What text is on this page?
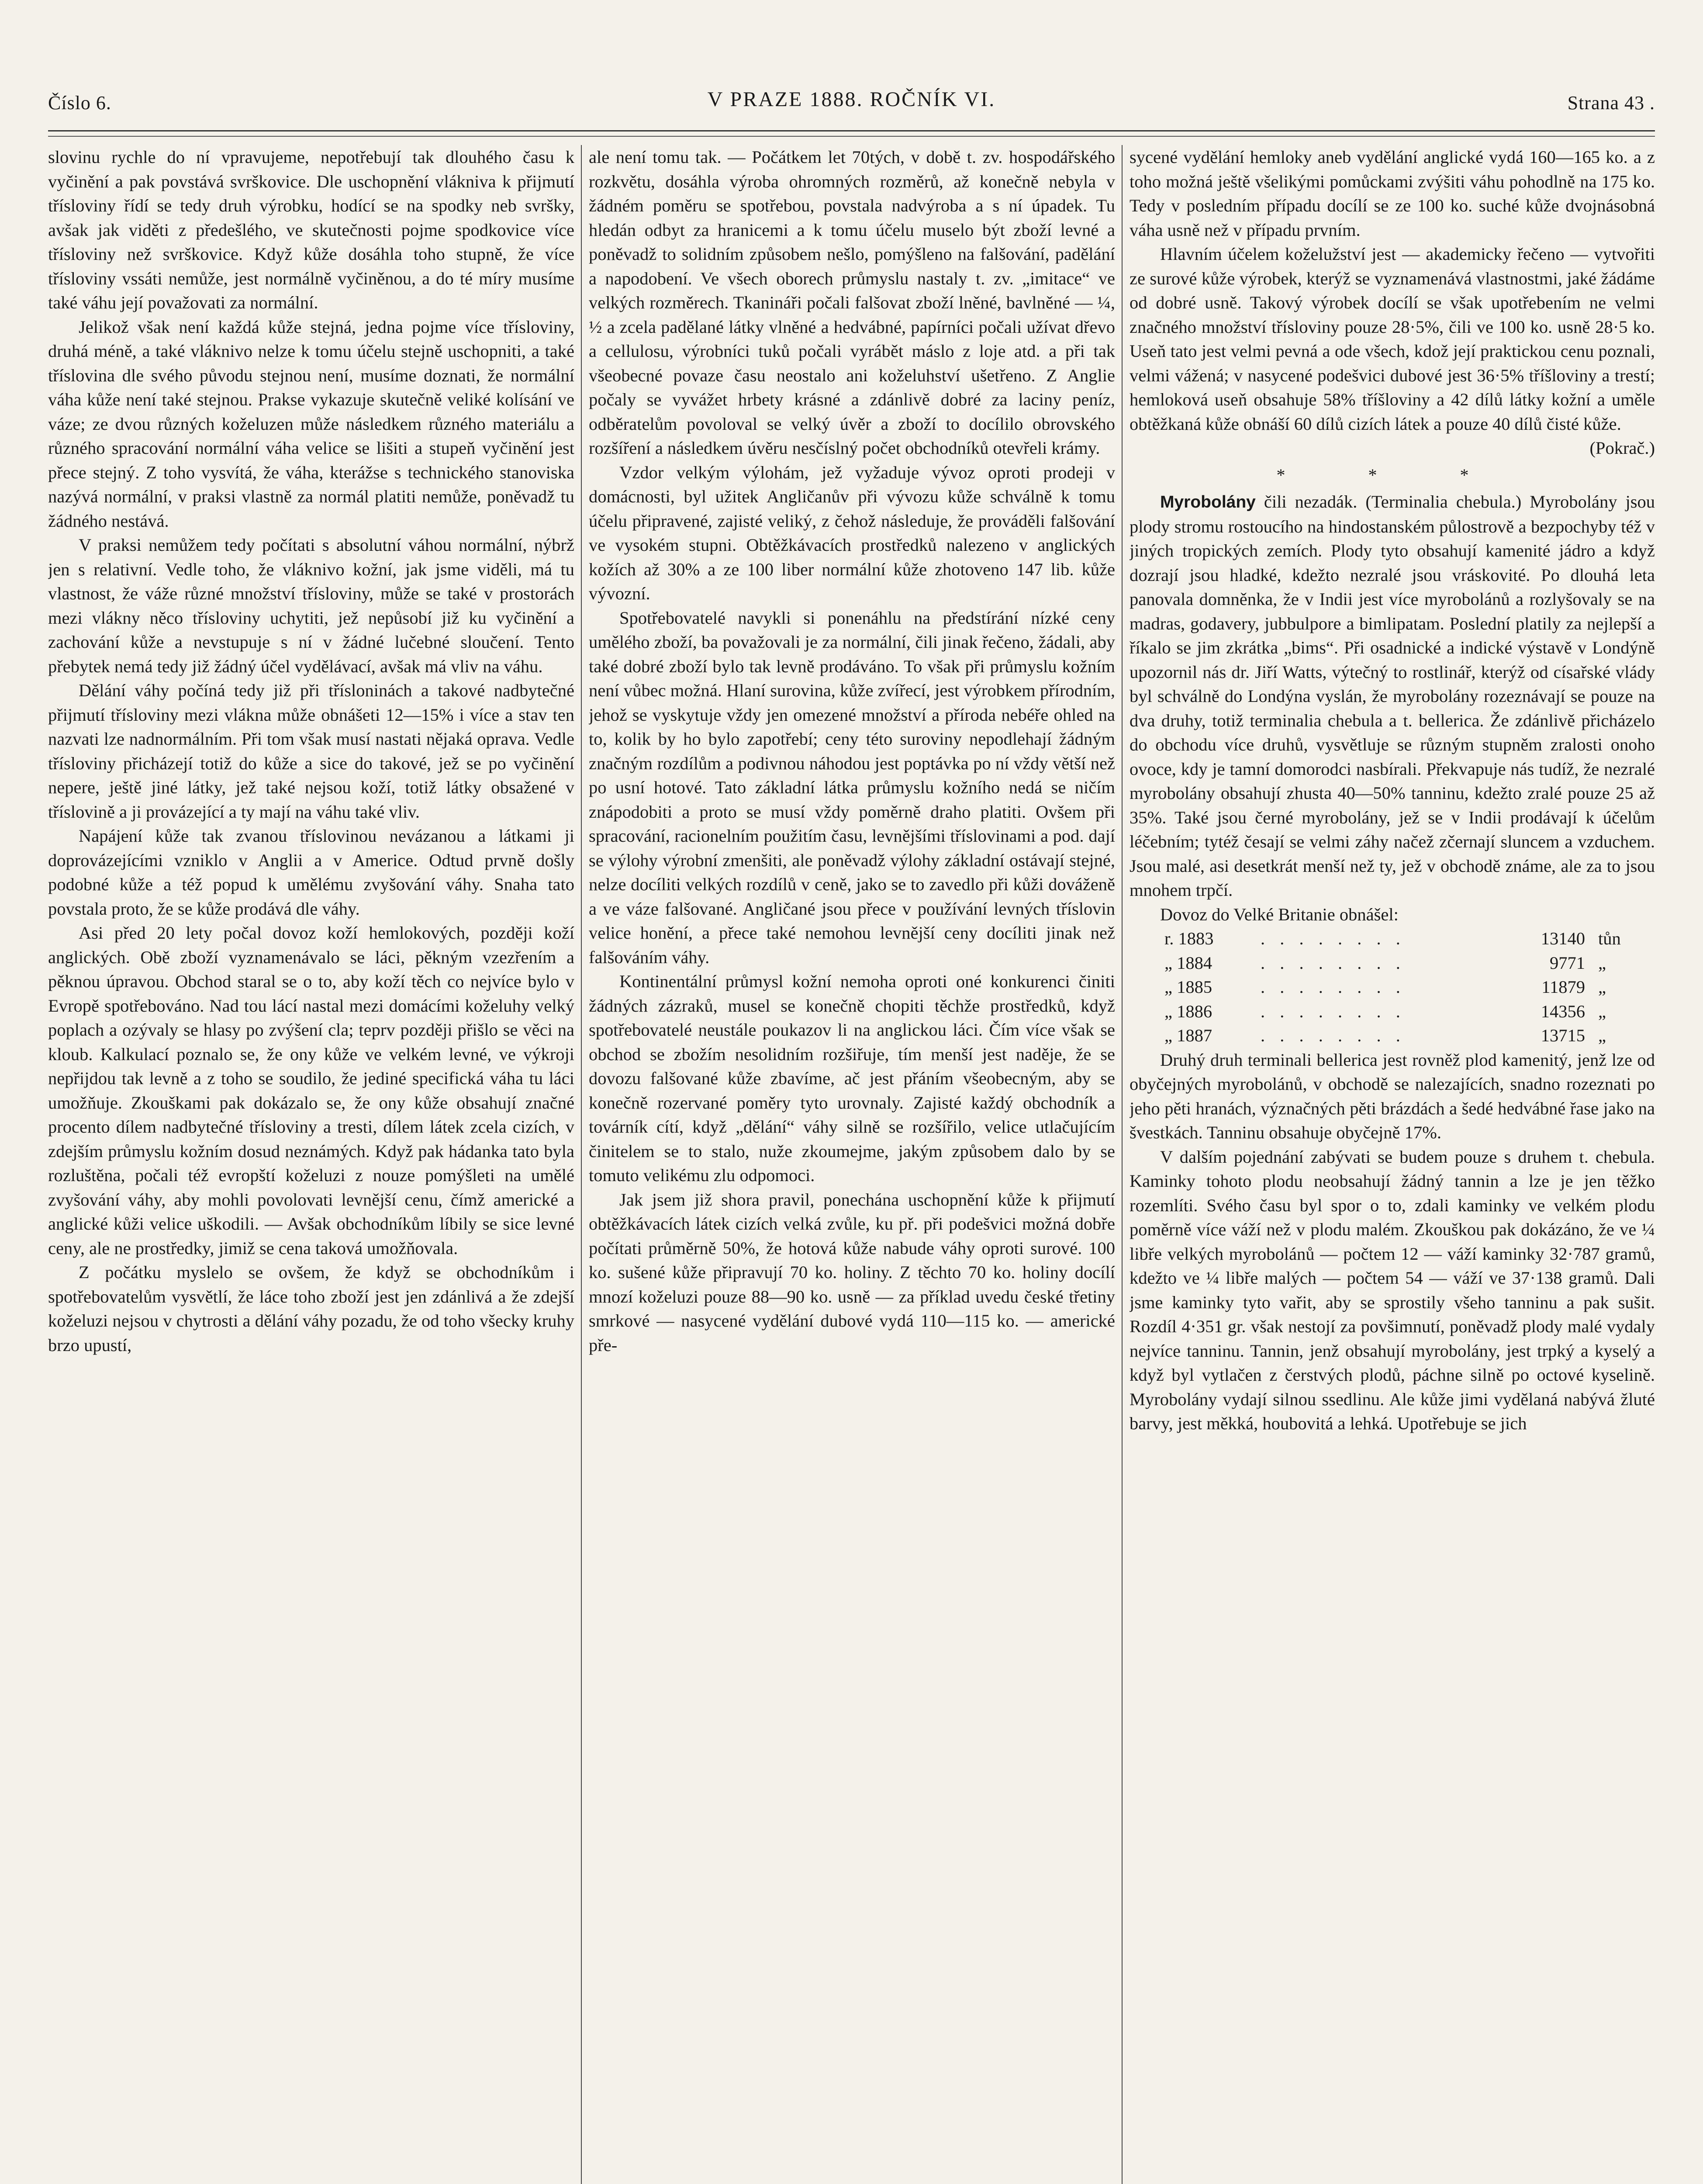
Číslo 6.	V PRAZE 1888. ROČNÍK VI.	Strana 43 .

slovinu rychle do ní vpravujeme, nepotřebují tak dlouhého času k vyčinění a pak povstává svrškovice. Dle uschopnění vláknivа k přijmutí třísloviny řídí se tedy druh výrobku, hodící se na spodky neb svršky, avšak jak viděti z předešlého, ve skutečnosti pojme spodkovice více třísloviny než svrškovice. Když kůže dosáhla toho stupně, že více třísloviny vssáti nemůže, jest normálně vyčiněnou, a do té míry musíme také váhu její považovati za normální.

Jelikož však není každá kůže stejná, jedna pojme více třísloviny, druhá méně, a také vláknivo nelze k tomu účelu stejně uschopniti, a také tříslovina dle svého původu stejnou není, musíme doznati, že normální váha kůže není také stejnou. Prakse vykazuje skutečně veliké kolísání ve váze; ze dvou různých koželuzen může následkem různého materiálu a různého spracování normální váha velice se lišiti a stupeň vyčinění jest přece stejný. Z toho vysvítá, že váha, kterážse s technického stanoviska nazývá normální, v praksi vlastně za normál platiti nemůže, poněvadž tu žádného nestává.

V praksi nemůžem tedy počítati s absolutní váhou normální, nýbrž jen s relativní. Vedle toho, že vláknivo kožní, jak jsme viděli, má tu vlastnost, že váže různé množství třísloviny, může se také v prostorách mezi vlákny něco třísloviny uchytiti, jež nepůsobí již ku vyčinění a zachování kůže a nevstupuje s ní v žádné lučebné sloučení. Tento přebytek nemá tedy již žádný účel vydělávací, avšak má vliv na váhu.

Dělání váhy počíná tedy již při třísloninách a takové nadbytečné přijmutí třísloviny mezi vlákna může obnášeti 12—15% i více a stav ten nazvati lze nadnormálním. Při tom však musí nastati nějaká oprava. Vedle třísloviny přicházejí totiž do kůže a sice do takové, jež se po vyčinění nepere, ještě jiné látky, jež také nejsou koží, totiž látky obsažené v tříslovině a ji provázející a ty mají na váhu také vliv.

Napájení kůže tak zvanou tříslovinou nevázanou a látkami ji doprovázejícími vzniklo v Anglii a v Americe. Odtud prvně došly podobné kůže a též popud k umělému zvyšování váhy. Snaha tato povstala proto, že se kůže prodává dle váhy.

Asi před 20 lety počal dovoz koží hemlokových, později koží anglických. Obě zboží vyznamenávalo se láci, pěkným vzezřením a pěknou úpravou. Obchod staral se o to, aby koží těch co nejvíce bylo v Evropě spotřebováno. Nad tou lácí nastal mezi domácími koželuhy velký poplach a ozývaly se hlasy po zvýšení cla; teprv později přišlo se věci na kloub. Kalkulací poznalo se, že ony kůže ve velkém levné, ve výkroji nepřijdou tak levně a z toho se soudilo, že jediné specifická váha tu láci umožňuje. Zkouškami pak dokázalo se, že ony kůže obsahují značné procento dílem nadbytečné třísloviny a tresti, dílem látek zcela cizích, v zdejším průmyslu kožním dosud neznámých. Když pak hádanka tato byla rozluštěna, počali též evropští koželuzi z nouze pomýšleti na umělé zvyšování váhy, aby mohli povolovati levnější cenu, čímž americké a anglické kůži velice uškodili. — Avšak obchodníkům líbily se sice levné ceny, ale ne prostředky, jimiž se cena taková umožňovala.

Z počátku myslelo se ovšem, že když se obchodníkům i spotřebovatelům vysvětlí, že láce toho zboží jest jen zdánlivá a že zdejší koželuzi nejsou v chytrosti a dělání váhy pozadu, že od toho všecky kruhy brzo upustí,

ale není tomu tak. — Počátkem let 70tých, v době t. zv. hospodářského rozkvětu, dosáhla výroba ohromných rozměrů, až konečně nebyla v žádném poměru se spotřebou, povstala nadvýroba a s ní úpadek. Tu hledán odbyt za hranicemi a k tomu účelu muselo být zboží levné a poněvadž to solidním způsobem nešlo, pomýšleno na falšování, padělání a napodobení. Ve všech oborech průmyslu nastaly t. zv. „imitace“ ve velkých rozměrech. Tkanináři počali falšovat zboží lněné, bavlněné — ¼, ½ a zcela padělané látky vlněné a hedvábné, papírníci počali užívat dřevo a cellulosu, výrobníci tuků počali vyrábět máslo z loje atd. a při tak všeobecné povaze času neostalo ani koželuhství ušetřeno. Z Anglie počaly se vyvážet hrbety krásné a zdánlivě dobré za laciny peníz, odběratelům povoloval se velký úvěr a zboží to docílilo obrovského rozšíření a následkem úvěru nesčíslný počet obchodníků otevřeli krámy.

Vzdor velkým výlohám, jež vyžaduje vývoz oproti prodeji v domácnosti, byl užitek Angličanův při vývozu kůže schválně k tomu účelu připravené, zajisté veliký, z čehož následuje, že prováděli falšování ve vysokém stupni. Obtěžkávacích prostředků nalezeno v anglických kožích až 30% a ze 100 liber normální kůže zhotoveno 147 lib. kůže vývozní.

Spotřebovatelé navykli si ponenáhlu na předstírání nízké ceny umělého zboží, ba považovali je za normální, čili jinak řečeno, žádali, aby také dobré zboží bylo tak levně prodáváno. To však při průmyslu kožním není vůbec možná. Hlaní surovina, kůže zvířecí, jest výrobkem přírodním, jehož se vyskytuje vždy jen omezené množství a příroda nebéře ohled na to, kolik by ho bylo zapotřebí; ceny této suroviny nepodlehají žádným značným rozdílům a podivnou náhodou jest poptávka po ní vždy větší než po usní hotové. Tato základní látka průmyslu kožního nedá se ničím znápodobiti a proto se musí vždy poměrně draho platiti. Ovšem při spracování, racionelním použitím času, levnějšími tříslovinami a pod. dají se výlohy výrobní zmenšiti, ale poněvadž výlohy základní ostávají stejné, nelze docíliti velkých rozdílů v ceně, jako se to zavedlo při kůži dováženě a ve váze falšované. Angličané jsou přece v používání levných tříslovin velice honění, a přece také nemohou levnější ceny docíliti jinak než falšováním váhy.

Kontinentální průmysl kožní nemohа oproti oné konkurenci činiti žádných zázraků, musel se konečně chopiti těchže prostředků, když spotřebovatelé neustále poukazov li na anglickou láci. Čím více však se obchod se zbožím nesolidním rozšiřuje, tím menší jest naděje, že se dovozu falšované kůže zbavíme, ač jest přáním všeobecným, aby se konečně rozervané poměry tyto urovnaly. Zajisté každý obchodník a továrník cítí, když „dělání“ váhy silně se rozšířilo, velice utlačujícím činitelem se to stalo, nuže zkoumejme, jakým způsobem dalo by se tomuto velikému zlu odpomoci.

Jak jsem již shora pravil, ponechána uschopnění kůže k přijmutí obtěžkávacích látek cizích velká zvůle, ku př. při podešvici možná dobře počítati průměrně 50%, že hotová kůže nabude váhy oproti surové. 100 ko. sušené kůže připravují 70 ko. holiny. Z těchto 70 ko. holiny docílí mnozí koželuzi pouze 88—90 ko. usně — za příklad uvedu české třetiny smrkové — nasycené vydělání dubové vydá 110—115 ko. — americké pře-

sycené vydělání hemloky aneb vydělání anglické vydá 160—165 ko. a z toho možná ještě všelikými pomůckami zvýšiti váhu pohodlně na 175 ko. Tedy v posledním případu docílí se ze 100 ko. suché kůže dvojnásobná váha usně než v případu prvním.

Hlavním účelem koželužství jest — akademicky řečeno — vytvořiti ze surové kůže výrobek, kterýž se vyznamenává vlastnostmi, jaké žádáme od dobré usně. Takový výrobek docílí se však upotřebením ne velmi značného množství třísloviny pouze 28·5%, čili ve 100 ko. usně 28·5 ko. Useň tato jest velmi pevná a ode všech, kdož její praktickou cenu poznali, velmi vážená; v nasycené podešvici dubové jest 36·5% tříšloviny a trestí; hemloková useň obsahuje 58% tříšloviny a 42 dílů látky kožní a uměle obtěžkaná kůže obnáší 60 dílů cizích látek a pouze 40 dílů čisté kůže.

(Pokrač.)
* * *

Myrobolány čili nezadák. (Terminalia chebula.) Myrobolány jsou plody stromu rostoucího na hindostanském půlostrově a bezpochyby též v jiných tropických zemích. Plody tyto obsahují kamenité jádro a když dozrají jsou hladké, kdežto nezralé jsou vráskovité. Po dlouhá leta panovala domněnka, že v Indii jest více myrobolánů a rozlyšovaly se na madras, godavery, jubbulpore a bimlipatam. Poslední platily za nejlepší a říkalo se jim zkrátka „bims“. Při osadnické a indické výstavě v Londýně upozornil nás dr. Jiří Watts, výtečný to rostlinář, kterýž od císařské vlády byl schválně do Londýna vyslán, že myrobolány rozeznávají se pouze na dva druhy, totiž terminalia chebula a t. bellerica. Že zdánlivě přicházelo do obchodu více druhů, vysvětluje se různým stupněm zralosti onoho ovoce, kdy je tamní domorodci nasbírali. Překvapuje nás tudíž, že nezralé myrobolány obsahují zhusta 40—50% tanninu, kdežto zralé pouze 25 až 35%. Také jsou černé myrobolány, jež se v Indii prodávají k účelům léčebním; tytéž česají se velmi záhy načež zčernají sluncem a vzduchem. Jsou malé, asi desetkrát menší než ty, jež v obchodě známe, ale za to jsou mnohem trpčí.

Dovoz do Velké Britanie obnášel:

r. 1883	. . . . . . . .	13140 tůn
„ 1884	. . . . . . . .	9771 „
„ 1885	. . . . . . . .	11879 „
„ 1886	. . . . . . . .	14356 „
„ 1887	. . . . . . . .	13715 „

Druhý druh terminali bellerica jest rovněž plod kamenitý, jenž lze od obyčejných myrobolánů, v obchodě se nalezajících, snadno rozeznati po jeho pěti hranách, význačných pěti brázdách a šedé hedvábné řase jako na švestkách. Tanninu obsahuje obyčejně 17%.

V dalším pojednání zabývati se budem pouze s druhem t. chebula. Kaminky tohoto plodu neobsahují žádný tannin a lze je jen těžko rozemlíti. Svého času byl spor o to, zdali kaminky ve velkém plodu poměrně více váží než v plodu malém. Zkouškou pak dokázáno, že ve ¼ libře velkých myrobolánů — počtem 12 — váží kaminky 32·787 gramů, kdežto ve ¼ libře malých — počtem 54 — váží ve 37·138 gramů. Dali jsme kaminky tyto vařit, aby se sprostily všeho tanninu a pak sušit. Rozdíl 4·351 gr. však nestojí za povšimnutí, poněvadž plody malé vydaly nejvíce tanninu. Tannin, jenž obsahují myrobolány, jest trpký a kyselý a když byl vytlačen z čerstvých plodů, páchne silně po octové kyselině. Myrobolány vydají silnou ssedlinu. Ale kůže jimi vydělaná nabývá žluté barvy, jest měkká, houbovitá a lehká. Upotřebuje se jich
